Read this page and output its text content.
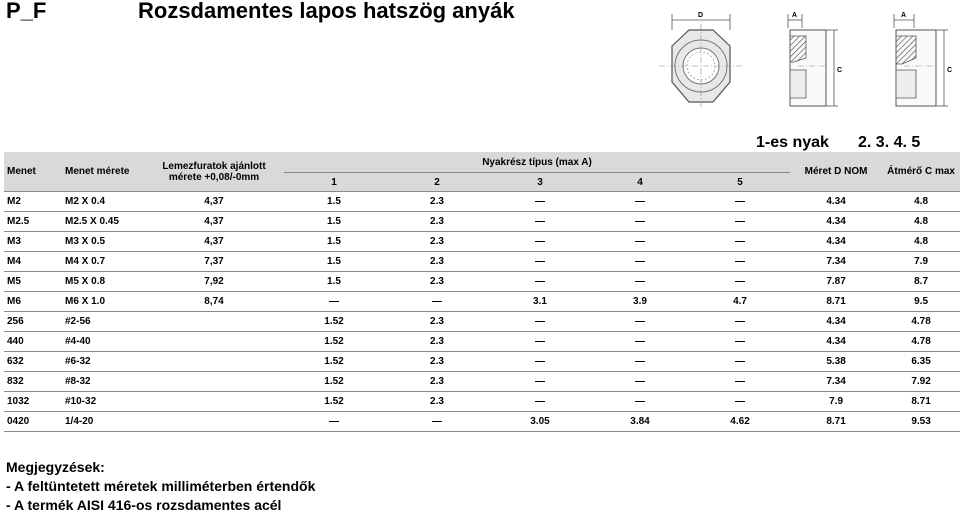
P_F	Rozsdamentes lapos hatszög anyák	D	A
C
A
C
1-es nyak 2. 3. 4. 5
Menet	Menet mérete	Lemezfuratok ajánlott
mérete +0,08/-0mm	Nyakrész típus (max A)					Méret D NOM	Átmérő C max
			1	2	3	4	5		
M2	M2 X 0.4	4,37	1.5	2.3	—	—	—	4.34	4.8
M2.5	M2.5 X 0.45	4,37	1.5	2.3	—	—	—	4.34	4.8
M3	M3 X 0.5	4,37	1.5	2.3	—	—	—	4.34	4.8
M4	M4 X 0.7	7,37	1.5	2.3	—	—	—	7.34	7.9
M5	M5 X 0.8	7,92	1.5	2.3	—	—	—	7.87	8.7
M6	M6 X 1.0	8,74	—	—	3.1	3.9	4.7	8.71	9.5
256	#2-56		1.52	2.3	—	—	—	4.34	4.78
440	#4-40		1.52	2.3	—	—	—	4.34	4.78
632	#6-32		1.52	2.3	—	—	—	5.38	6.35
832	#8-32		1.52	2.3	—	—	—	7.34	7.92
1032	#10-32		1.52	2.3	—	—	—	7.9	8.71
0420	1/4-20		—	—	3.05	3.84	4.62	8.71	9.53
Megjegyzések:
- A feltüntetett méretek milliméterben értendők
- A termék AISI 416-os rozsdamentes acél
